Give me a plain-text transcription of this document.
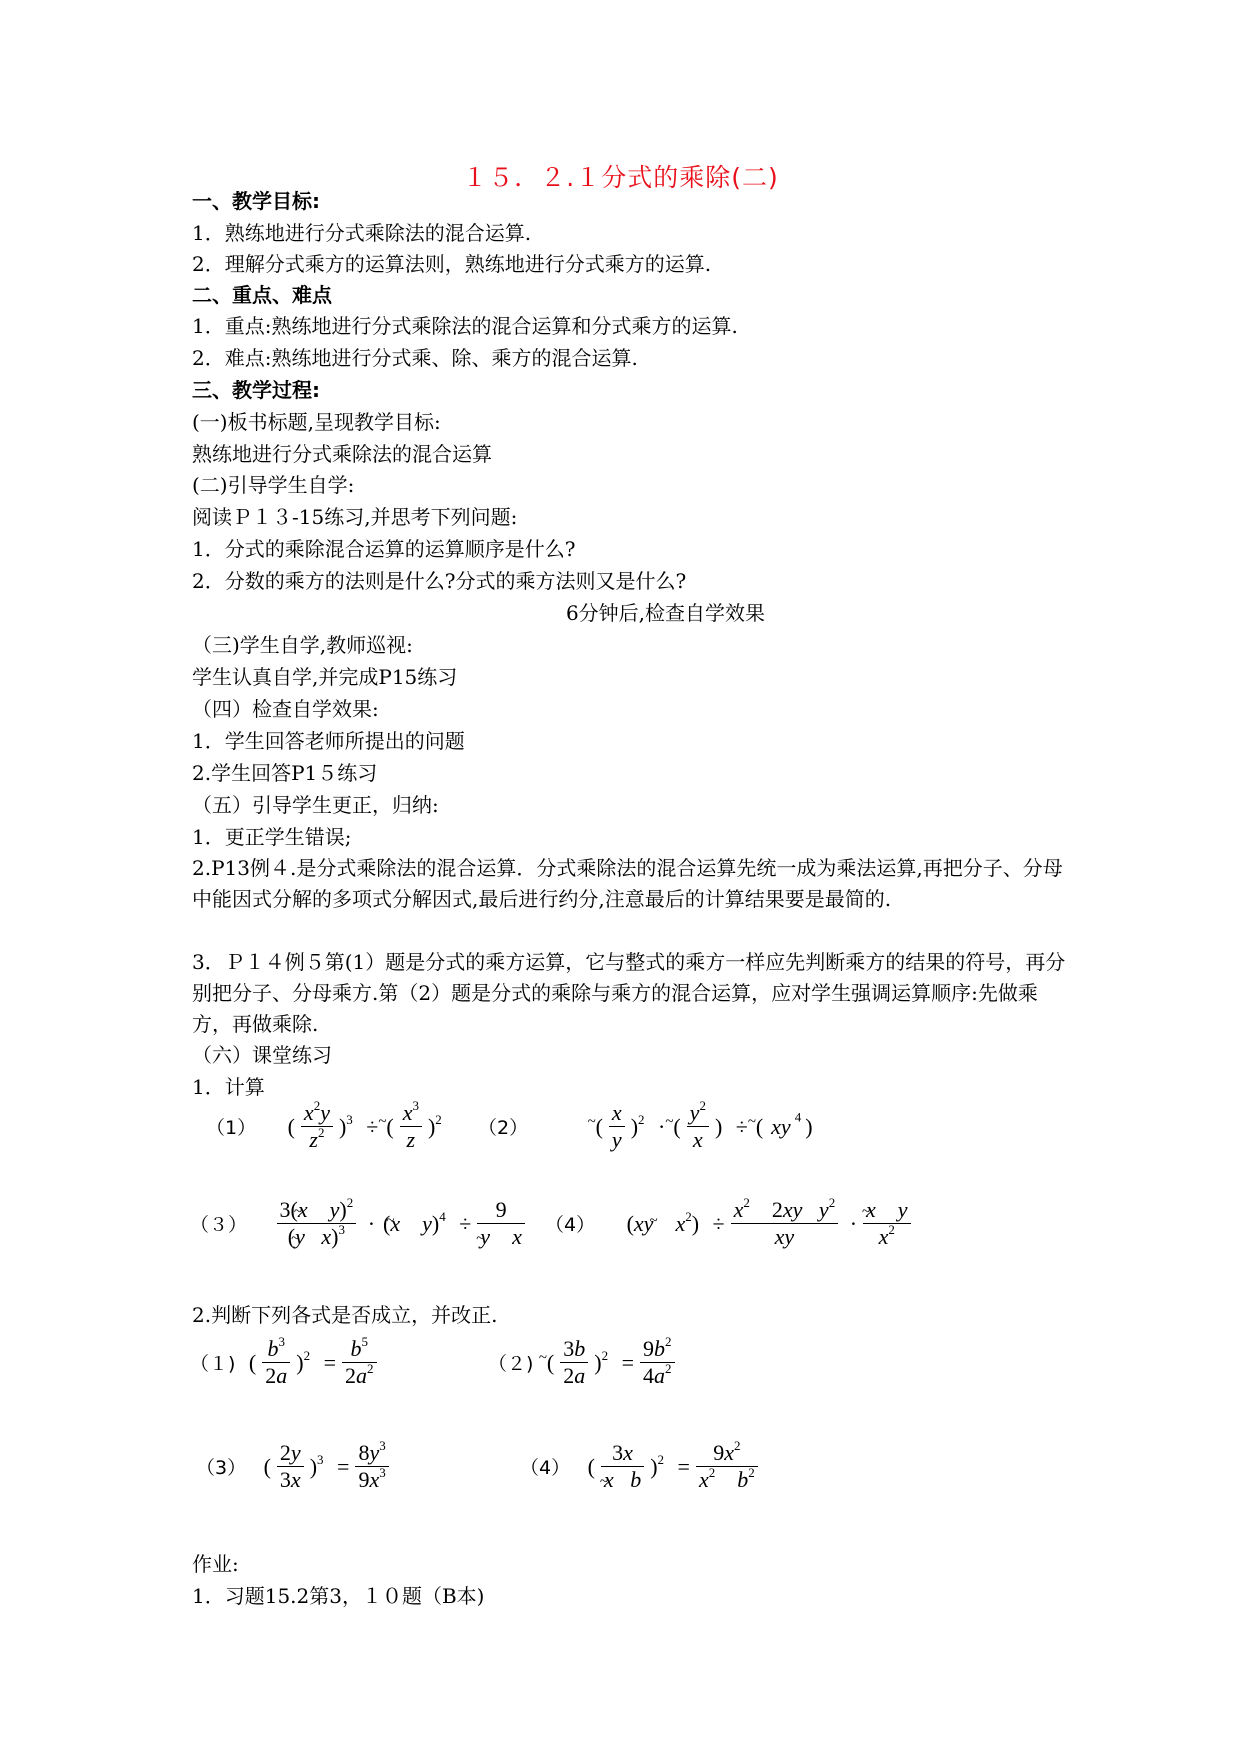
１５．２.１分式的乘除(二)
一、教学目标:
1．熟练地进行分式乘除法的混合运算.
2．理解分式乘方的运算法则，熟练地进行分式乘方的运算.
二、重点、难点
1．重点:熟练地进行分式乘除法的混合运算和分式乘方的运算.
2．难点:熟练地进行分式乘、除、乘方的混合运算.
三、教学过程:
(一)板书标题,呈现教学目标:
熟练地进行分式乘除法的混合运算
(二)引导学生自学:
阅读Ｐ１３-15练习,并思考下列问题:
1．分式的乘除混合运算的运算顺序是什么?
2．分数的乘方的法则是什么?分式的乘方法则又是什么?
6分钟后,检查自学效果
（三)学生自学,教师巡视:
学生认真自学,并完成P15练习
（四）检查自学效果:
1．学生回答老师所提出的问题
2.学生回答P1５练习
（五）引导学生更正，归纳:
1．更正学生错误;
2.P13例４.是分式乘除法的混合运算．分式乘除法的混合运算先统一成为乘法运算,再把分子、分母中能因式分解的多项式分解因式,最后进行约分,注意最后的计算结果要是最简的.
3．Ｐ１４例５第(1）题是分式的乘方运算，它与整式的乘方一样应先判断乘方的结果的符号，再分别把分子、分母乘方.第（2）题是分式的乘除与乘方的混合运算，应对学生强调运算顺序:先做乘方，再做乘除.
（六）课堂练习
1．计算
（1） ( $\frac{x^2y}{z^2} )^3$ ÷ ( $\frac{x^3}{z} )^2$ （2）	( $\frac{x}{y} )^2$ · ( $\frac{y^2}{x}$ ) ÷ ( xy $^4$ )
$(3) \frac{3(x y)^2}{(y x)^3} \cdot (x$ $y)^4 \div \frac{9}{\text{y x}} (4)$ (xy $x^2) \div \frac{x^2 2xy y^2}{xy} \cdot \frac{\text{x y}}{x^2}$
2.判断下列各式是否成立，并改正.
（１) ( $\frac{b^3}{2a} )^2 = \frac{b^5}{2a^2}$	（２) ( $\frac{3b}{2a} )^2 = \frac{9b^2}{4a^2}$
（3） ( $\frac{2y}{3x} )^3 = \frac{8y^3}{9x^3}$	（4） ( $\frac{3x}{\text{x b}} )^2 = \frac{9x^2}{x^2 b^2}$
作业:
1．习题15.2第3，１０题（B本)
